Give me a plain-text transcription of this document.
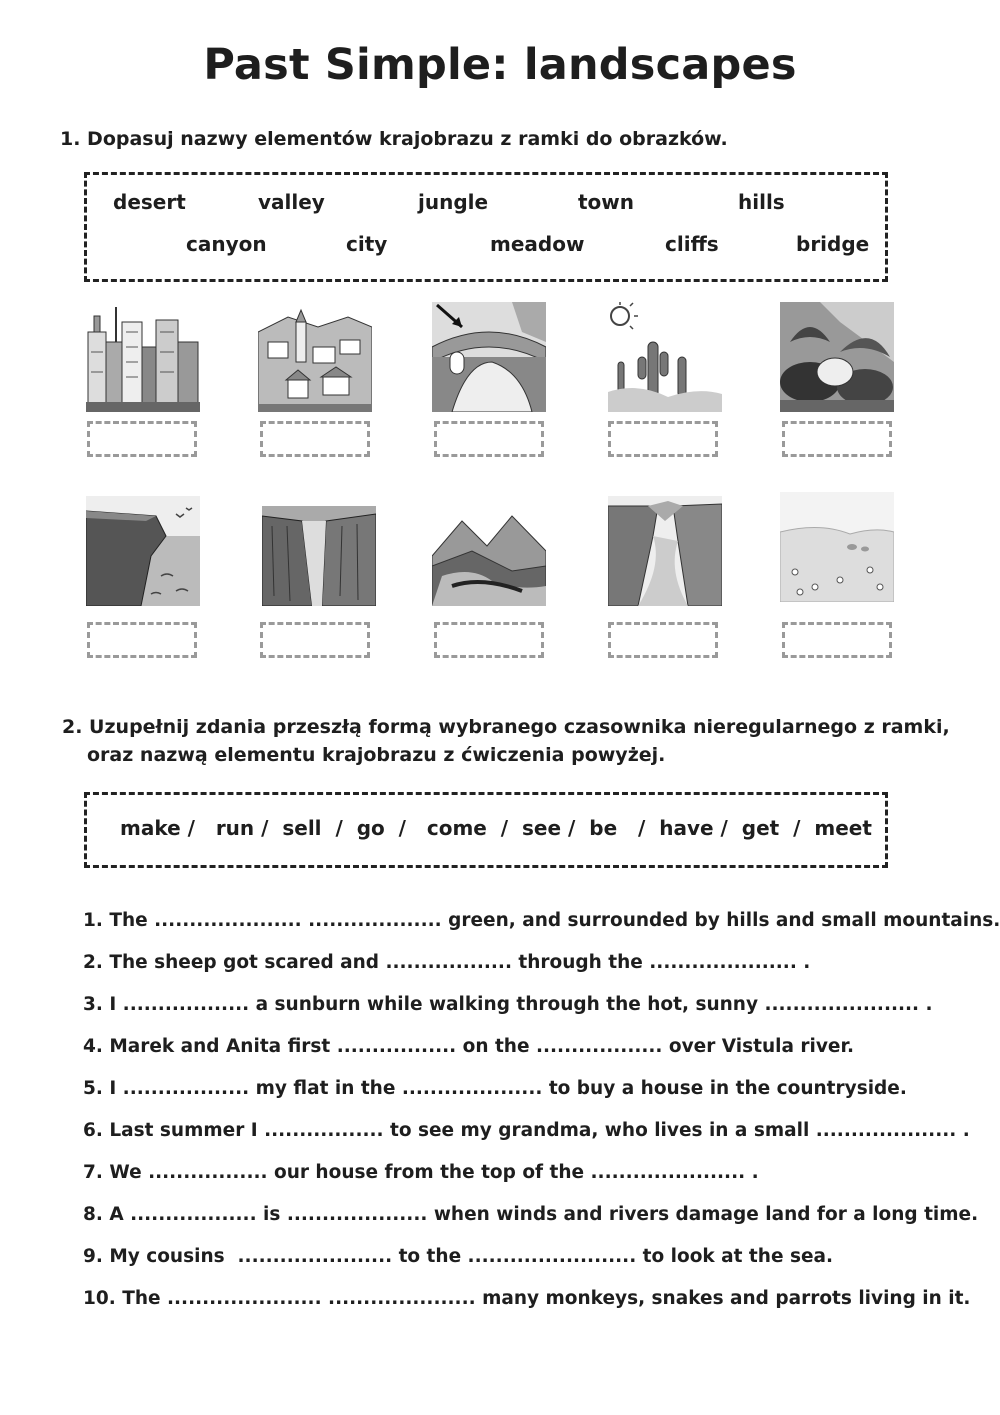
Past Simple: landscapes
1. Dopasuj nazwy elementów krajobrazu z ramki do obrazków.
desert	valley	jungle	town	hills
canyon	city	meadow	cliffs	bridge
2. Uzupełnij zdania przeszłą formą wybranego czasownika nieregularnego z ramki,
oraz nazwą elementu krajobrazu z ćwiczenia powyżej.
make /   run /  sell  /  go  /   come  /  see /  be   /  have /  get  /  meet
1. The ..................... ................... green, and surrounded by hills and small mountains.
2. The sheep got scared and .................. through the ..................... .
3. I .................. a sunburn while walking through the hot, sunny ...................... .
4. Marek and Anita first ................. on the .................. over Vistula river.
5. I .................. my flat in the .................... to buy a house in the countryside.
6. Last summer I ................. to see my grandma, who lives in a small .................... .
7. We ................. our house from the top of the ...................... .
8. A .................. is .................... when winds and rivers damage land for a long time.
9. My cousins  ...................... to the ........................ to look at the sea.
10. The ...................... ..................... many monkeys, snakes and parrots living in it.
